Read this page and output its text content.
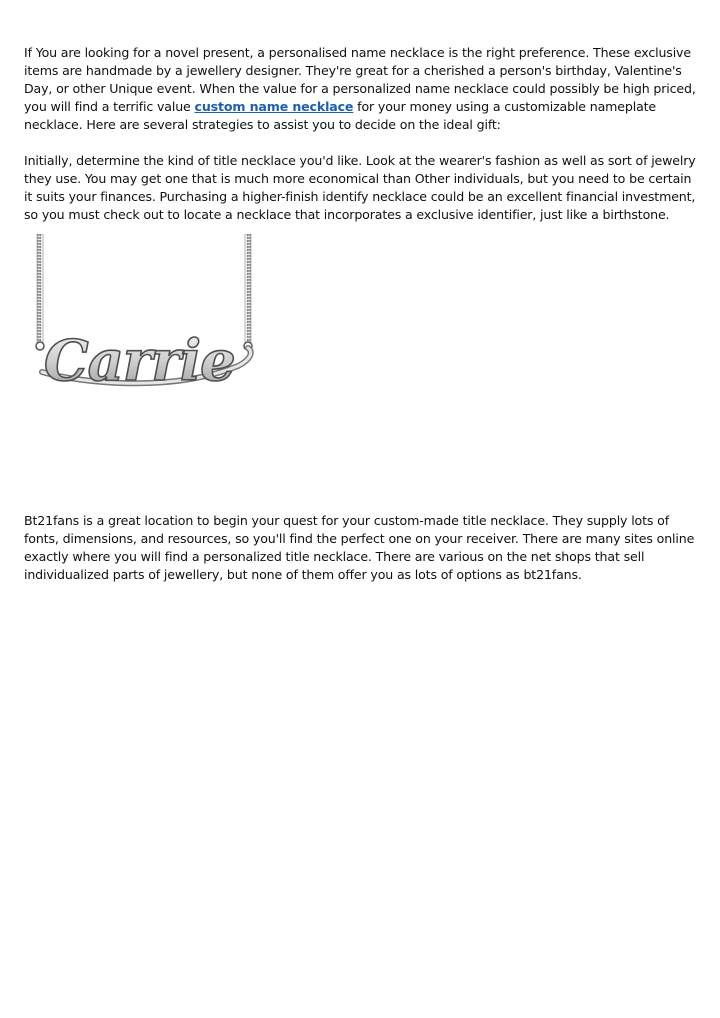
If You are looking for a novel present, a personalised name necklace is the right preference. These exclusive items are handmade by a jewellery designer. They're great for a cherished a person's birthday, Valentine's Day, or other Unique event. When the value for a personalized name necklace could possibly be high priced, you will find a terrific value custom name necklace for your money using a customizable nameplate necklace. Here are several strategies to assist you to decide on the ideal gift:

Initially, determine the kind of title necklace you'd like. Look at the wearer's fashion as well as sort of jewelry they use. You may get one that is much more economical than Other individuals, but you need to be certain it suits your finances. Purchasing a higher-finish identify necklace could be an excellent financial investment, so you must check out to locate a necklace that incorporates a exclusive identifier, just like a birthstone.

Carrie

Bt21fans is a great location to begin your quest for your custom-made title necklace. They supply lots of fonts, dimensions, and resources, so you'll find the perfect one on your receiver. There are many sites online exactly where you will find a personalized title necklace. There are various on the net shops that sell individualized parts of jewellery, but none of them offer you as lots of options as bt21fans.
